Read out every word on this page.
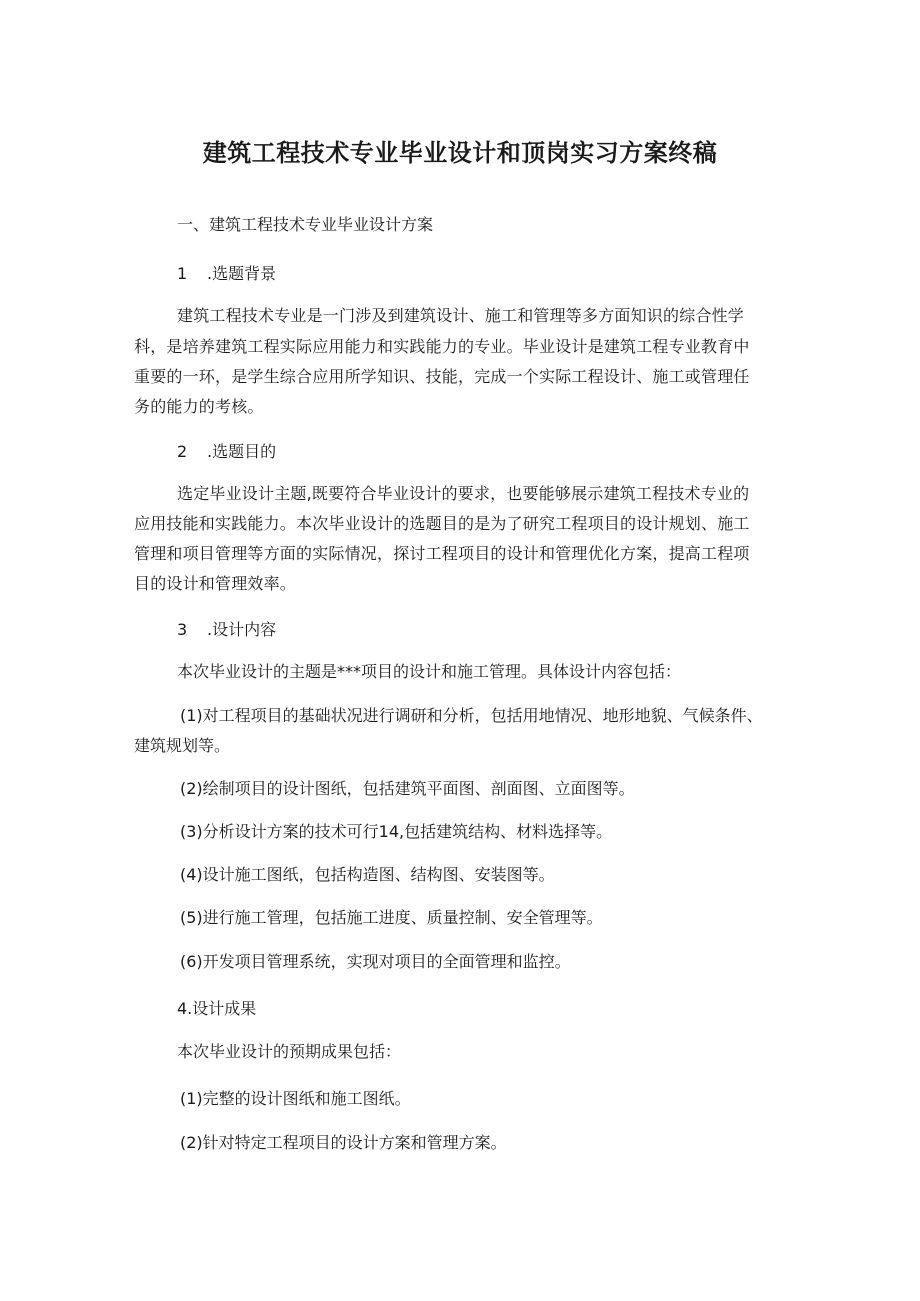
建筑工程技术专业毕业设计和顶岗实习方案终稿
一、建筑工程技术专业毕业设计方案
1 .选题背景
建筑工程技术专业是一门涉及到建筑设计、施工和管理等多方面知识的综合性学
科，是培养建筑工程实际应用能力和实践能力的专业。毕业设计是建筑工程专业教育中
重要的一环，是学生综合应用所学知识、技能，完成一个实际工程设计、施工或管理任
务的能力的考核。
2 .选题目的
选定毕业设计主题,既要符合毕业设计的要求，也要能够展示建筑工程技术专业的
应用技能和实践能力。本次毕业设计的选题目的是为了研究工程项目的设计规划、施工
管理和项目管理等方面的实际情况，探讨工程项目的设计和管理优化方案，提高工程项
目的设计和管理效率。
3 .设计内容
本次毕业设计的主题是***项目的设计和施工管理。具体设计内容包括：
(1)对工程项目的基础状况进行调研和分析，包括用地情况、地形地貌、气候条件、
建筑规划等。
(2)绘制项目的设计图纸，包括建筑平面图、剖面图、立面图等。
(3)分析设计方案的技术可行14,包括建筑结构、材料选择等。
(4)设计施工图纸，包括构造图、结构图、安装图等。
(5)进行施工管理，包括施工进度、质量控制、安全管理等。
(6)开发项目管理系统，实现对项目的全面管理和监控。
4.设计成果
本次毕业设计的预期成果包括：
(1)完整的设计图纸和施工图纸。
(2)针对特定工程项目的设计方案和管理方案。
